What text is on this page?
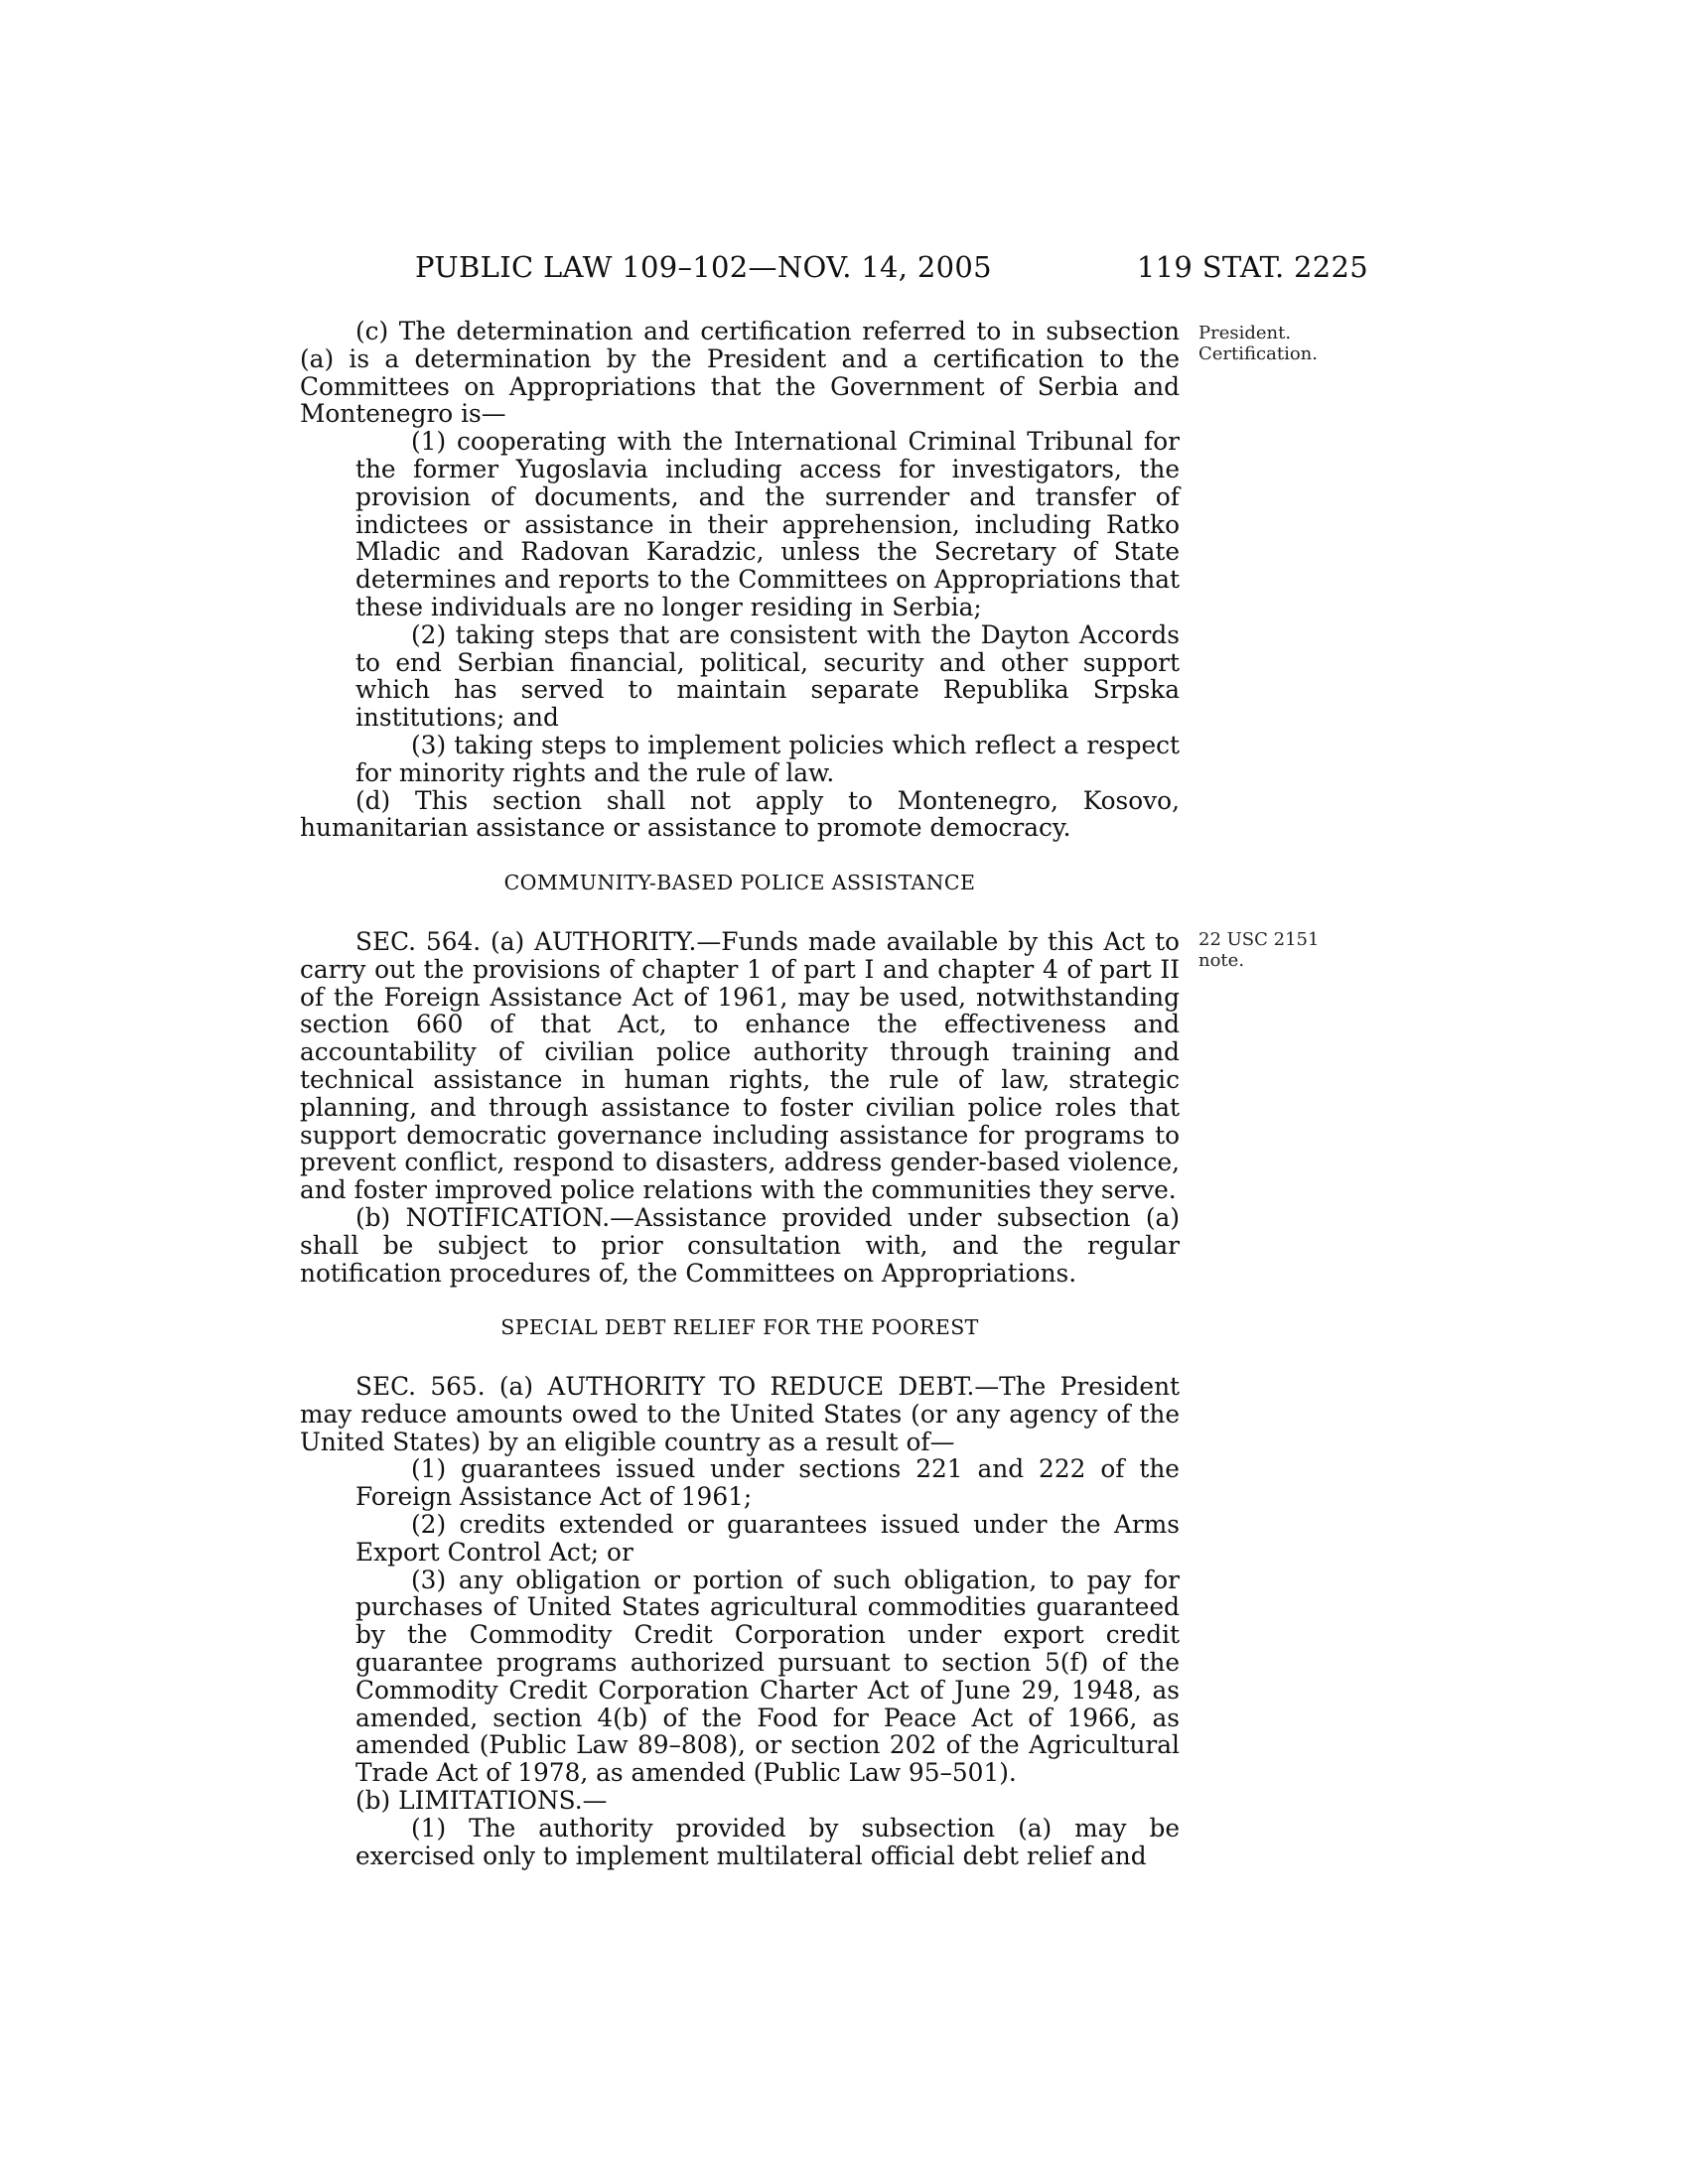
PUBLIC LAW 109–102—NOV. 14, 2005	119 STAT. 2225
President.
Certification.
22 USC 2151
note.

(c) The determination and certification referred to in subsection (a) is a determination by the President and a certification to the Committees on Appropriations that the Government of Serbia and Montenegro is—

(1) cooperating with the International Criminal Tribunal for the former Yugoslavia including access for investigators, the provision of documents, and the surrender and transfer of indictees or assistance in their apprehension, including Ratko Mladic and Radovan Karadzic, unless the Secretary of State determines and reports to the Committees on Appropriations that these individuals are no longer residing in Serbia;

(2) taking steps that are consistent with the Dayton Accords to end Serbian financial, political, security and other support which has served to maintain separate Republika Srpska institutions; and

(3) taking steps to implement policies which reflect a respect for minority rights and the rule of law.

(d) This section shall not apply to Montenegro, Kosovo, humanitarian assistance or assistance to promote democracy.

COMMUNITY-BASED POLICE ASSISTANCE

SEC. 564. (a) AUTHORITY.—Funds made available by this Act to carry out the provisions of chapter 1 of part I and chapter 4 of part II of the Foreign Assistance Act of 1961, may be used, notwithstanding section 660 of that Act, to enhance the effectiveness and accountability of civilian police authority through training and technical assistance in human rights, the rule of law, strategic planning, and through assistance to foster civilian police roles that support democratic governance including assistance for programs to prevent conflict, respond to disasters, address gender-based violence, and foster improved police relations with the communities they serve.

(b) NOTIFICATION.—Assistance provided under subsection (a) shall be subject to prior consultation with, and the regular notification procedures of, the Committees on Appropriations.

SPECIAL DEBT RELIEF FOR THE POOREST

SEC. 565. (a) AUTHORITY TO REDUCE DEBT.—The President may reduce amounts owed to the United States (or any agency of the United States) by an eligible country as a result of—

(1) guarantees issued under sections 221 and 222 of the Foreign Assistance Act of 1961;

(2) credits extended or guarantees issued under the Arms Export Control Act; or

(3) any obligation or portion of such obligation, to pay for purchases of United States agricultural commodities guaranteed by the Commodity Credit Corporation under export credit guarantee programs authorized pursuant to section 5(f) of the Commodity Credit Corporation Charter Act of June 29, 1948, as amended, section 4(b) of the Food for Peace Act of 1966, as amended (Public Law 89–808), or section 202 of the Agricultural Trade Act of 1978, as amended (Public Law 95–501).

(b) LIMITATIONS.—

(1) The authority provided by subsection (a) may be exercised only to implement multilateral official debt relief and
